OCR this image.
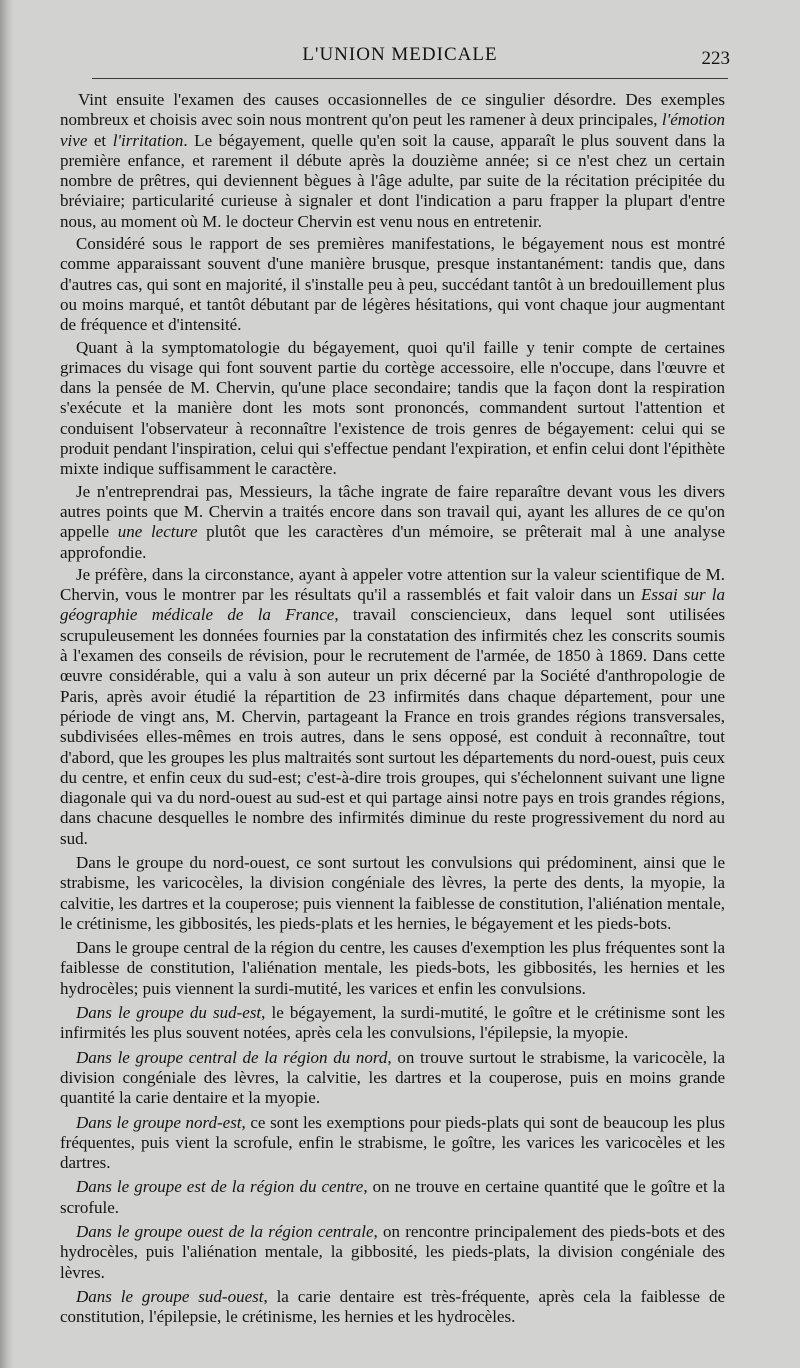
L'UNION MEDICALE	223

Vint ensuite l'examen des causes occasionnelles de ce singulier désordre. Des exemples nombreux et choisis avec soin nous montrent qu'on peut les ramener à deux principales, l'émotion vive et l'irritation. Le bégayement, quelle qu'en soit la cause, apparaît le plus souvent dans la première enfance, et rarement il débute après la douzième année; si ce n'est chez un certain nombre de prêtres, qui deviennent bègues à l'âge adulte, par suite de la récitation précipitée du bréviaire; particularité curieuse à signaler et dont l'indication a paru frapper la plupart d'entre nous, au moment où M. le docteur Chervin est venu nous en entretenir.

Considéré sous le rapport de ses premières manifestations, le bégayement nous est montré comme apparaissant souvent d'une manière brusque, presque instantanément: tandis que, dans d'autres cas, qui sont en majorité, il s'installe peu à peu, succédant tantôt à un bredouillement plus ou moins marqué, et tantôt débutant par de légères hésitations, qui vont chaque jour augmentant de fréquence et d'intensité.

Quant à la symptomatologie du bégayement, quoi qu'il faille y tenir compte de certaines grimaces du visage qui font souvent partie du cortège accessoire, elle n'occupe, dans l'œuvre et dans la pensée de M. Chervin, qu'une place secondaire; tandis que la façon dont la respiration s'exécute et la manière dont les mots sont prononcés, commandent surtout l'attention et conduisent l'observateur à reconnaître l'existence de trois genres de bégayement: celui qui se produit pendant l'inspiration, celui qui s'effectue pendant l'expiration, et enfin celui dont l'épithète mixte indique suffisamment le caractère.

Je n'entreprendrai pas, Messieurs, la tâche ingrate de faire reparaître devant vous les divers autres points que M. Chervin a traités encore dans son travail qui, ayant les allures de ce qu'on appelle une lecture plutôt que les caractères d'un mémoire, se prêterait mal à une analyse approfondie.

Je préfère, dans la circonstance, ayant à appeler votre attention sur la valeur scientifique de M. Chervin, vous le montrer par les résultats qu'il a rassemblés et fait valoir dans un Essai sur la géographie médicale de la France, travail consciencieux, dans lequel sont utilisées scrupuleusement les données fournies par la constatation des infirmités chez les conscrits soumis à l'examen des conseils de révision, pour le recrutement de l'armée, de 1850 à 1869. Dans cette œuvre considérable, qui a valu à son auteur un prix décerné par la Société d'anthropologie de Paris, après avoir étudié la répartition de 23 infirmités dans chaque département, pour une période de vingt ans, M. Chervin, partageant la France en trois grandes régions transversales, subdivisées elles-mêmes en trois autres, dans le sens opposé, est conduit à reconnaître, tout d'abord, que les groupes les plus maltraités sont surtout les départements du nord-ouest, puis ceux du centre, et enfin ceux du sud-est; c'est-à-dire trois groupes, qui s'échelonnent suivant une ligne diagonale qui va du nord-ouest au sud-est et qui partage ainsi notre pays en trois grandes régions, dans chacune desquelles le nombre des infirmités diminue du reste progressivement du nord au sud.

Dans le groupe du nord-ouest, ce sont surtout les convulsions qui prédominent, ainsi que le strabisme, les varicocèles, la division congéniale des lèvres, la perte des dents, la myopie, la calvitie, les dartres et la couperose; puis viennent la faiblesse de constitution, l'aliénation mentale, le crétinisme, les gibbosités, les pieds-plats et les hernies, le bégayement et les pieds-bots.

Dans le groupe central de la région du centre, les causes d'exemption les plus fréquentes sont la faiblesse de constitution, l'aliénation mentale, les pieds-bots, les gibbosités, les hernies et les hydrocèles; puis viennent la surdi-mutité, les varices et enfin les convulsions.

Dans le groupe du sud-est, le bégayement, la surdi-mutité, le goître et le crétinisme sont les infirmités les plus souvent notées, après cela les convulsions, l'épilepsie, la myopie.

Dans le groupe central de la région du nord, on trouve surtout le strabisme, la varicocèle, la division congéniale des lèvres, la calvitie, les dartres et la couperose, puis en moins grande quantité la carie dentaire et la myopie.

Dans le groupe nord-est, ce sont les exemptions pour pieds-plats qui sont de beaucoup les plus fréquentes, puis vient la scrofule, enfin le strabisme, le goître, les varices les varicocèles et les dartres.

Dans le groupe est de la région du centre, on ne trouve en certaine quantité que le goître et la scrofule.

Dans le groupe ouest de la région centrale, on rencontre principalement des pieds-bots et des hydrocèles, puis l'aliénation mentale, la gibbosité, les pieds-plats, la division congéniale des lèvres.

Dans le groupe sud-ouest, la carie dentaire est très-fréquente, après cela la faiblesse de constitution, l'épilepsie, le crétinisme, les hernies et les hydrocèles.
